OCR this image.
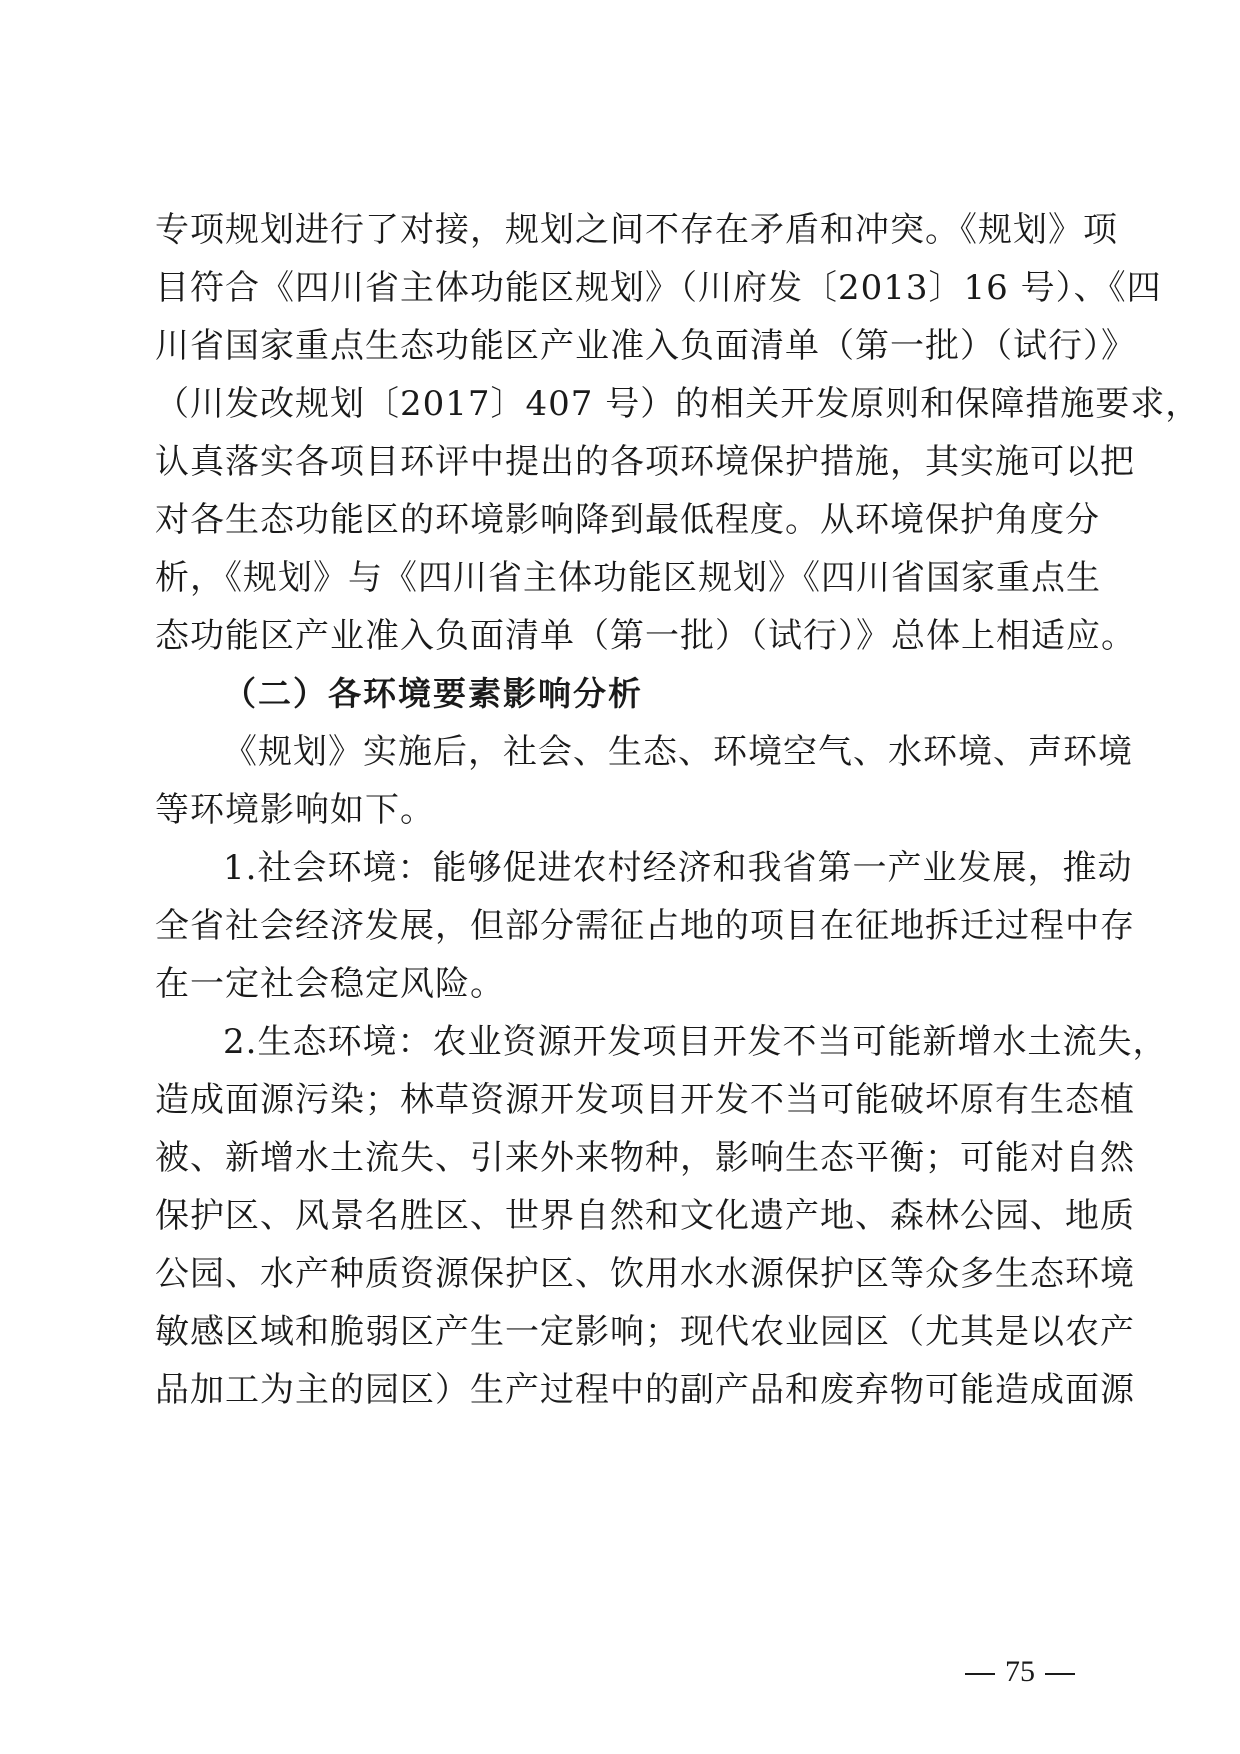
专项规划进行了对接，规划之间不存在矛盾和冲突。《规划》项
目符合《四川省主体功能区规划》（川府发〔2013〕16 号）、《四
川省国家重点生态功能区产业准入负面清单（第一批）（试行）》
（川发改规划〔2017〕407 号）的相关开发原则和保障措施要求，
认真落实各项目环评中提出的各项环境保护措施，其实施可以把
对各生态功能区的环境影响降到最低程度。从环境保护角度分
析，《规划》与《四川省主体功能区规划》《四川省国家重点生
态功能区产业准入负面清单（第一批）（试行）》总体上相适应。
（二）各环境要素影响分析
《规划》实施后，社会、生态、环境空气、水环境、声环境
等环境影响如下。
1.社会环境：能够促进农村经济和我省第一产业发展，推动
全省社会经济发展，但部分需征占地的项目在征地拆迁过程中存
在一定社会稳定风险。
2.生态环境：农业资源开发项目开发不当可能新增水土流失，
造成面源污染；林草资源开发项目开发不当可能破坏原有生态植
被、新增水土流失、引来外来物种，影响生态平衡；可能对自然
保护区、风景名胜区、世界自然和文化遗产地、森林公园、地质
公园、水产种质资源保护区、饮用水水源保护区等众多生态环境
敏感区域和脆弱区产生一定影响；现代农业园区（尤其是以农产
品加工为主的园区）生产过程中的副产品和废弃物可能造成面源
75
